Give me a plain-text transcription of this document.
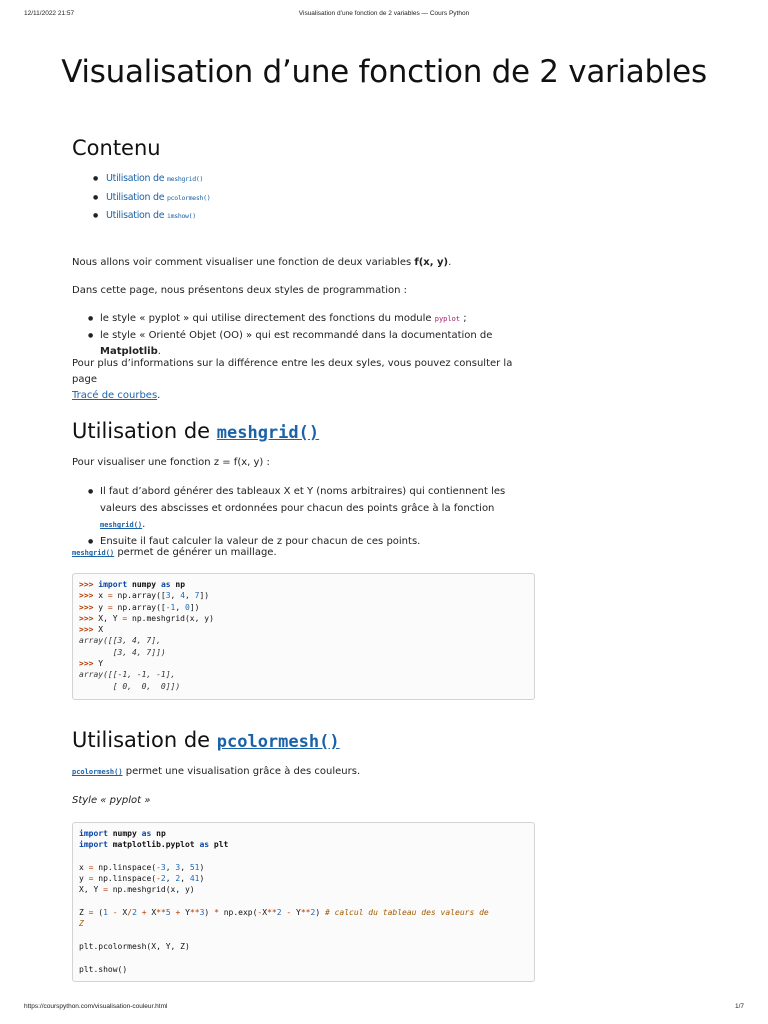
12/11/2022 21:57	Visualisation d’une fonction de 2 variables — Cours Python
Visualisation d’une fonction de 2 variables
Contenu
● Utilisation de meshgrid()
● Utilisation de pcolormesh()
● Utilisation de imshow()

Nous allons voir comment visualiser une fonction de deux variables f(x, y).

Dans cette page, nous présentons deux styles de programmation :

● le style « pyplot » qui utilise directement des fonctions du module pyplot ;
● le style « Orienté Objet (OO) » qui est recommandé dans la documentation de Matplotlib.

Pour plus d’informations sur la différence entre les deux syles, vous pouvez consulter la page
Tracé de courbes.

Utilisation de meshgrid()

Pour visualiser une fonction z = f(x, y) :

● Il faut d’abord générer des tableaux X et Y (noms arbitraires) qui contiennent les valeurs des abscisses et ordonnées pour chacun des points grâce à la fonction meshgrid().
● Ensuite il faut calculer la valeur de z pour chacun de ces points.

meshgrid() permet de générer un maillage.

>>> import numpy as np
>>> x = np.array([3, 4, 7])
>>> y = np.array([-1, 0])
>>> X, Y = np.meshgrid(x, y)
>>> X
array([[3, 4, 7],
[3, 4, 7]])
>>> Y
array([[-1, -1, -1],
[ 0,  0,  0]])
Utilisation de pcolormesh()

pcolormesh() permet une visualisation grâce à des couleurs.

Style « pyplot »

import numpy as np
import matplotlib.pyplot as plt

x = np.linspace(-3, 3, 51)
y = np.linspace(-2, 2, 41)
X, Y = np.meshgrid(x, y)

Z = (1 - X/2 + X**5 + Y**3) * np.exp(-X**2 - Y**2) # calcul du tableau des valeurs de
Z

plt.pcolormesh(X, Y, Z)

plt.show()
https://courspython.com/visualisation-couleur.html	1/7
